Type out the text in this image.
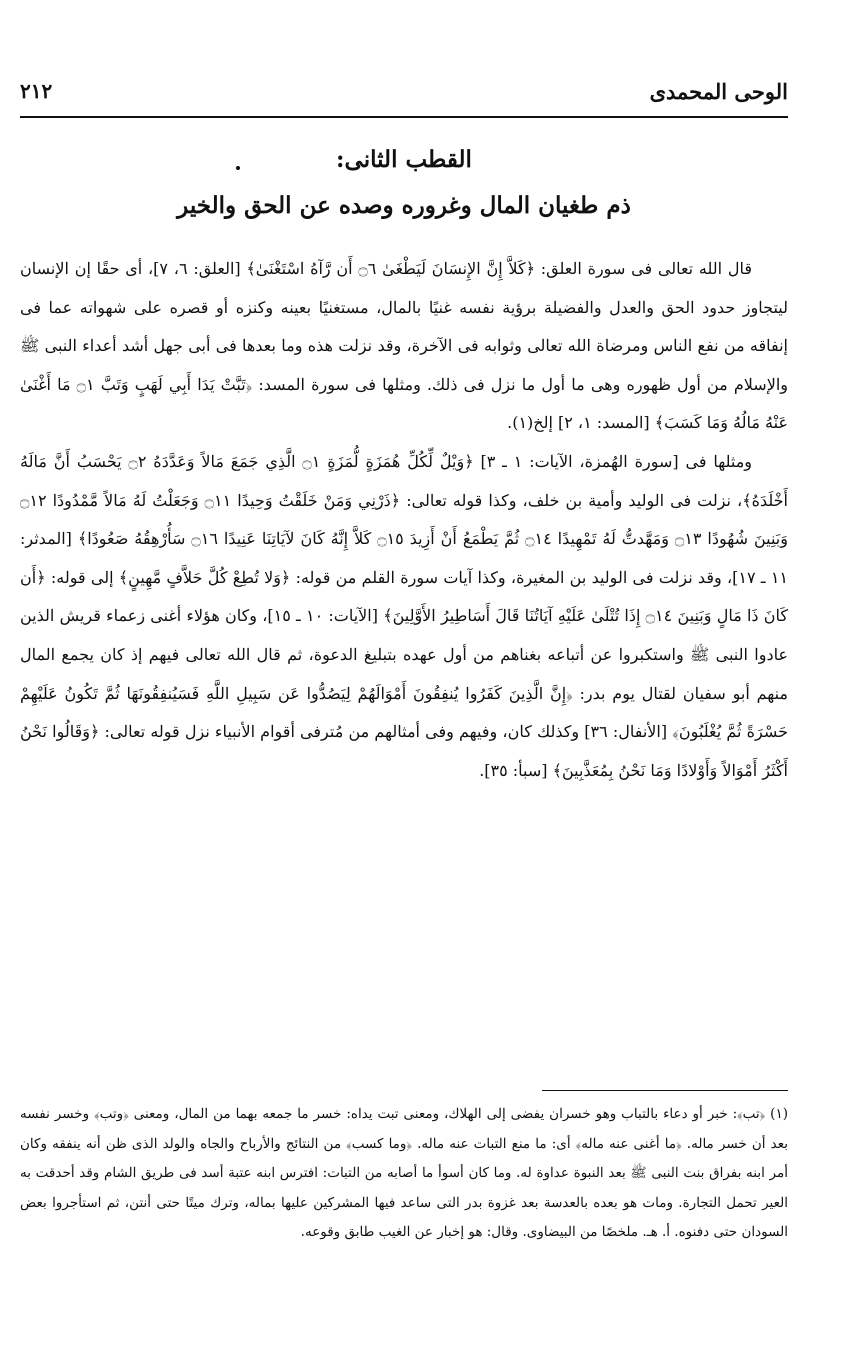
الوحى المحمدى
٢١٢
القطب الثانى:
ذم طغيان المال وغروره وصده عن الحق والخير

قال الله تعالى فى سورة العلق: ﴿كَلاَّ إِنَّ الإِنسَانَ لَيَطْغَىٰ ۝٦ أَن رَّآهُ اسْتَغْنَىٰ﴾ [العلق: ٦، ٧]، أى حقًا إن الإنسان ليتجاوز حدود الحق والعدل والفضيلة برؤية نفسه غنيًا بالمال، مستغنيًا بعينه وكنزه أو قصره على شهواته عما فى إنفاقه من نفع الناس ومرضاة الله تعالى وثوابه فى الآخرة، وقد نزلت هذه وما بعدها فى أبى جهل أشد أعداء النبى ﷺ والإسلام من أول ظهوره وهى ما أول ما نزل فى ذلك. ومثلها فى سورة المسد: ﴿تَبَّتْ يَدَا أَبِي لَهَبٍ وَتَبَّ ۝١ مَا أَغْنَىٰ عَنْهُ مَالُهُ وَمَا كَسَبَ﴾ [المسد: ١، ٢] إلخ(١).

ومثلها فى [سورة الهُمزة، الآيات: ١ ـ ٣] ﴿وَيْلٌ لِّكُلِّ هُمَزَةٍ لُّمَزَةٍ ۝١ الَّذِي جَمَعَ مَالاً وَعَدَّدَهُ ۝٢ يَحْسَبُ أَنَّ مَالَهُ أَخْلَدَهُ﴾، نزلت فى الوليد وأمية بن خلف، وكذا قوله تعالى: ﴿ذَرْنِي وَمَنْ خَلَقْتُ وَحِيدًا ۝١١ وَجَعَلْتُ لَهُ مَالاً مَّمْدُودًا ۝١٢ وَبَنِينَ شُهُودًا ۝١٣ وَمَهَّدتُّ لَهُ تَمْهِيدًا ۝١٤ ثُمَّ يَطْمَعُ أَنْ أَزِيدَ ۝١٥ كَلاَّ إِنَّهُ كَانَ لآيَاتِنَا عَنِيدًا ۝١٦ سَأُرْهِقُهُ صَعُودًا﴾ [المدثر: ١١ ـ ١٧]، وقد نزلت فى الوليد بن المغيرة، وكذا آيات سورة القلم من قوله: ﴿وَلا تُطِعْ كُلَّ حَلاَّفٍ مَّهِينٍ﴾ إلى قوله: ﴿أَن كَانَ ذَا مَالٍ وَبَنِينَ ۝١٤ إِذَا تُتْلَىٰ عَلَيْهِ آيَاتُنَا قَالَ أَسَاطِيرُ الأَوَّلِينَ﴾ [الآيات: ١٠ ـ ١٥]، وكان هؤلاء أغنى زعماء قريش الذين عادوا النبى ﷺ واستكبروا عن أتباعه بغناهم من أول عهده بتبليغ الدعوة، ثم قال الله تعالى فيهم إذ كان يجمع المال منهم أبو سفيان لقتال يوم بدر: ﴿إِنَّ الَّذِينَ كَفَرُوا يُنفِقُونَ أَمْوَالَهُمْ لِيَصُدُّوا عَن سَبِيلِ اللَّهِ فَسَيُنفِقُونَهَا ثُمَّ تَكُونُ عَلَيْهِمْ حَسْرَةً ثُمَّ يُغْلَبُونَ﴾ [الأنفال: ٣٦] وكذلك كان، وفيهم وفى أمثالهم من مُترفى أقوام الأنبياء نزل قوله تعالى: ﴿وَقَالُوا نَحْنُ أَكْثَرُ أَمْوَالاً وَأَوْلادًا وَمَا نَحْنُ بِمُعَذَّبِينَ﴾ [سبأ: ٣٥].

(١) ﴿تب﴾: خبر أو دعاء بالتباب وهو خسران يفضى إلى الهلاك، ومعنى تبت يداه: خسر ما جمعه بهما من المال، ومعنى ﴿وتب﴾ وخسر نفسه بعد أن خسر ماله. ﴿ما أغنى عنه ماله﴾ أى: ما منع التبات عنه ماله. ﴿وما كسب﴾ من النتائج والأرباح والجاه والولد الذى ظن أنه ينفقه وكان أمر ابنه بفراق بنت النبى ﷺ بعد النبوة عداوة له. وما كان أسوأ ما أصابه من التبات: افترس ابنه عتبة أسد فى طريق الشام وقد أحدقت به العير تحمل التجارة. ومات هو بعده بالعدسة بعد غزوة بدر التى ساعد فيها المشركين عليها بماله، وترك ميتًا حتى أنتن، ثم استأجروا بعض السودان حتى دفنوه. أ. هـ. ملخصًا من البيضاوى. وقال: هو إخبار عن الغيب طابق وقوعه.
